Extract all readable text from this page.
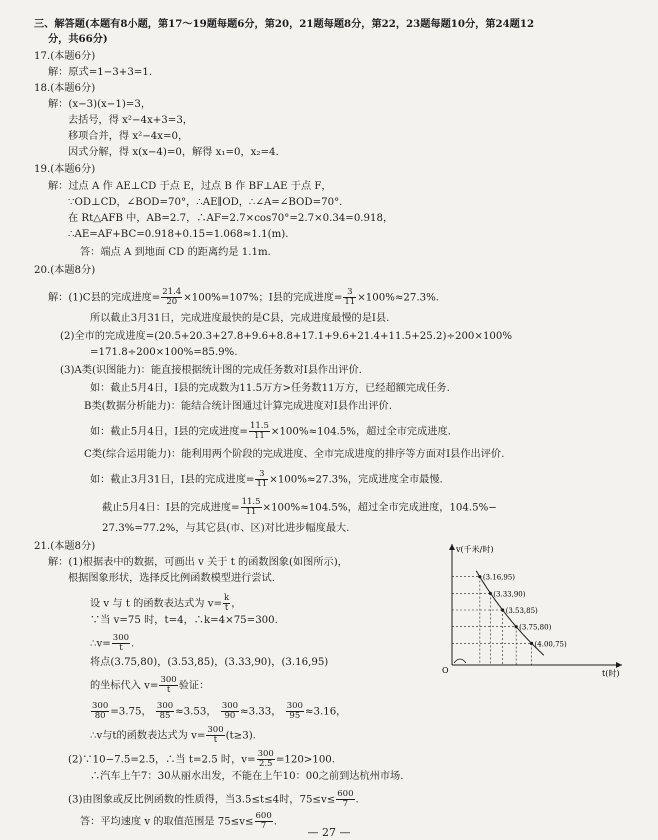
三、解答题(本题有8小题，第17～19题每题6分，第20，21题每题8分，第22，23题每题10分，第24题12
分，共66分)
17.(本题6分)
解：原式=1−3+3=1.
18.(本题6分)
解：(x−3)(x−1)=3，
去括号，得 x²−4x+3=3，
移项合并，得 x²−4x=0，
因式分解，得 x(x−4)=0，解得 x₁=0，x₂=4.
19.(本题6分)
解：过点 A 作 AE⊥CD 于点 E，过点 B 作 BF⊥AE 于点 F，
∵OD⊥CD，∠BOD=70°，∴AE∥OD，∴∠A=∠BOD=70°.
在 Rt△AFB 中，AB=2.7，∴AF=2.7×cos70°=2.7×0.34=0.918，
∴AE=AF+BC=0.918+0.15=1.068≈1.1(m).
答：端点 A 到地面 CD 的距离约是 1.1m.
20.(本题8分)
解：(1)C县的完成进度= $\frac{21.4}{20} \times 100\%=107\%$；I县的完成进度= $\frac{3}{11} \times 100\%\approx 27.3\%$.
所以截止3月31日，完成进度最快的是C县，完成进度最慢的是I县.
(2)全市的完成进度=(20.5+20.3+27.8+9.6+8.8+17.1+9.6+21.4+11.5+25.2)÷200×100%
=171.8÷200×100%=85.9%.
(3)A类(识图能力)：能直接根据统计图的完成任务数对I县作出评价.
如：截止5月4日，I县的完成数为11.5万方>任务数11万方，已经超额完成任务.
B类(数据分析能力)：能结合统计图通过计算完成进度对I县作出评价.
如：截止5月4日，I县的完成进度= $\frac{11.5}{11} \times 100\%\approx 104.5\%$，超过全市完成进度.
C类(综合运用能力)：能利用两个阶段的完成进度、全市完成进度的排序等方面对I县作出评价.
如：截止3月31日，I县的完成进度= $\frac{3}{11} \times 100\%\approx 27.3\%$，完成进度全市最慢.
截止5月4日：I县的完成进度= $\frac{11.5}{11} \times 100\%\approx 104.5\%$，超过全市完成进度，104.5%−
27.3%=77.2%，与其它县(市、区)对比进步幅度最大.
21.(本题8分)
解：(1)根据表中的数据，可画出 v 关于 t 的函数图象(如图所示)，
根据图象形状，选择反比例函数模型进行尝试.
设 v 与 t 的函数表达式为 $v= \frac{k}{t}$ ，
∵当 v=75 时，t=4，∴k=4×75=300.
∴v= $\frac{300}{t}$ .
将点(3.75,80)，(3.53,85)，(3.33,90)，(3.16,95)
的坐标代入 $v= \frac{300}{t}$ 验证：
$\frac{300}{80} =3.75$， $\frac{300}{85} \approx 3.53$， $\frac{300}{90} \approx 3.33$， $\frac{300}{95} \approx 3.16$，
∴v与t的函数表达式为 $v= \frac{300}{t} (t\ge 3)$.
(2)∵10−7.5=2.5，∴当 t=2.5 时，$v= \frac{300}{2.5} =120>100$.
∴汽车上午7：30从丽水出发，不能在上午10：00之前到达杭州市场.
(3)由图象或反比例函数的性质得，当3.5≤t≤4时，$75\le v\le \frac{600}{7}$ .
v(千米/时)
t(时)
O
(3.16,95)
(3.33,90)
(3.53,85)
(3.75,80)
(4.00,75)
答：平均速度 v 的取值范围是 $75\le v\le \frac{600}{7}$ .
— 27 —
